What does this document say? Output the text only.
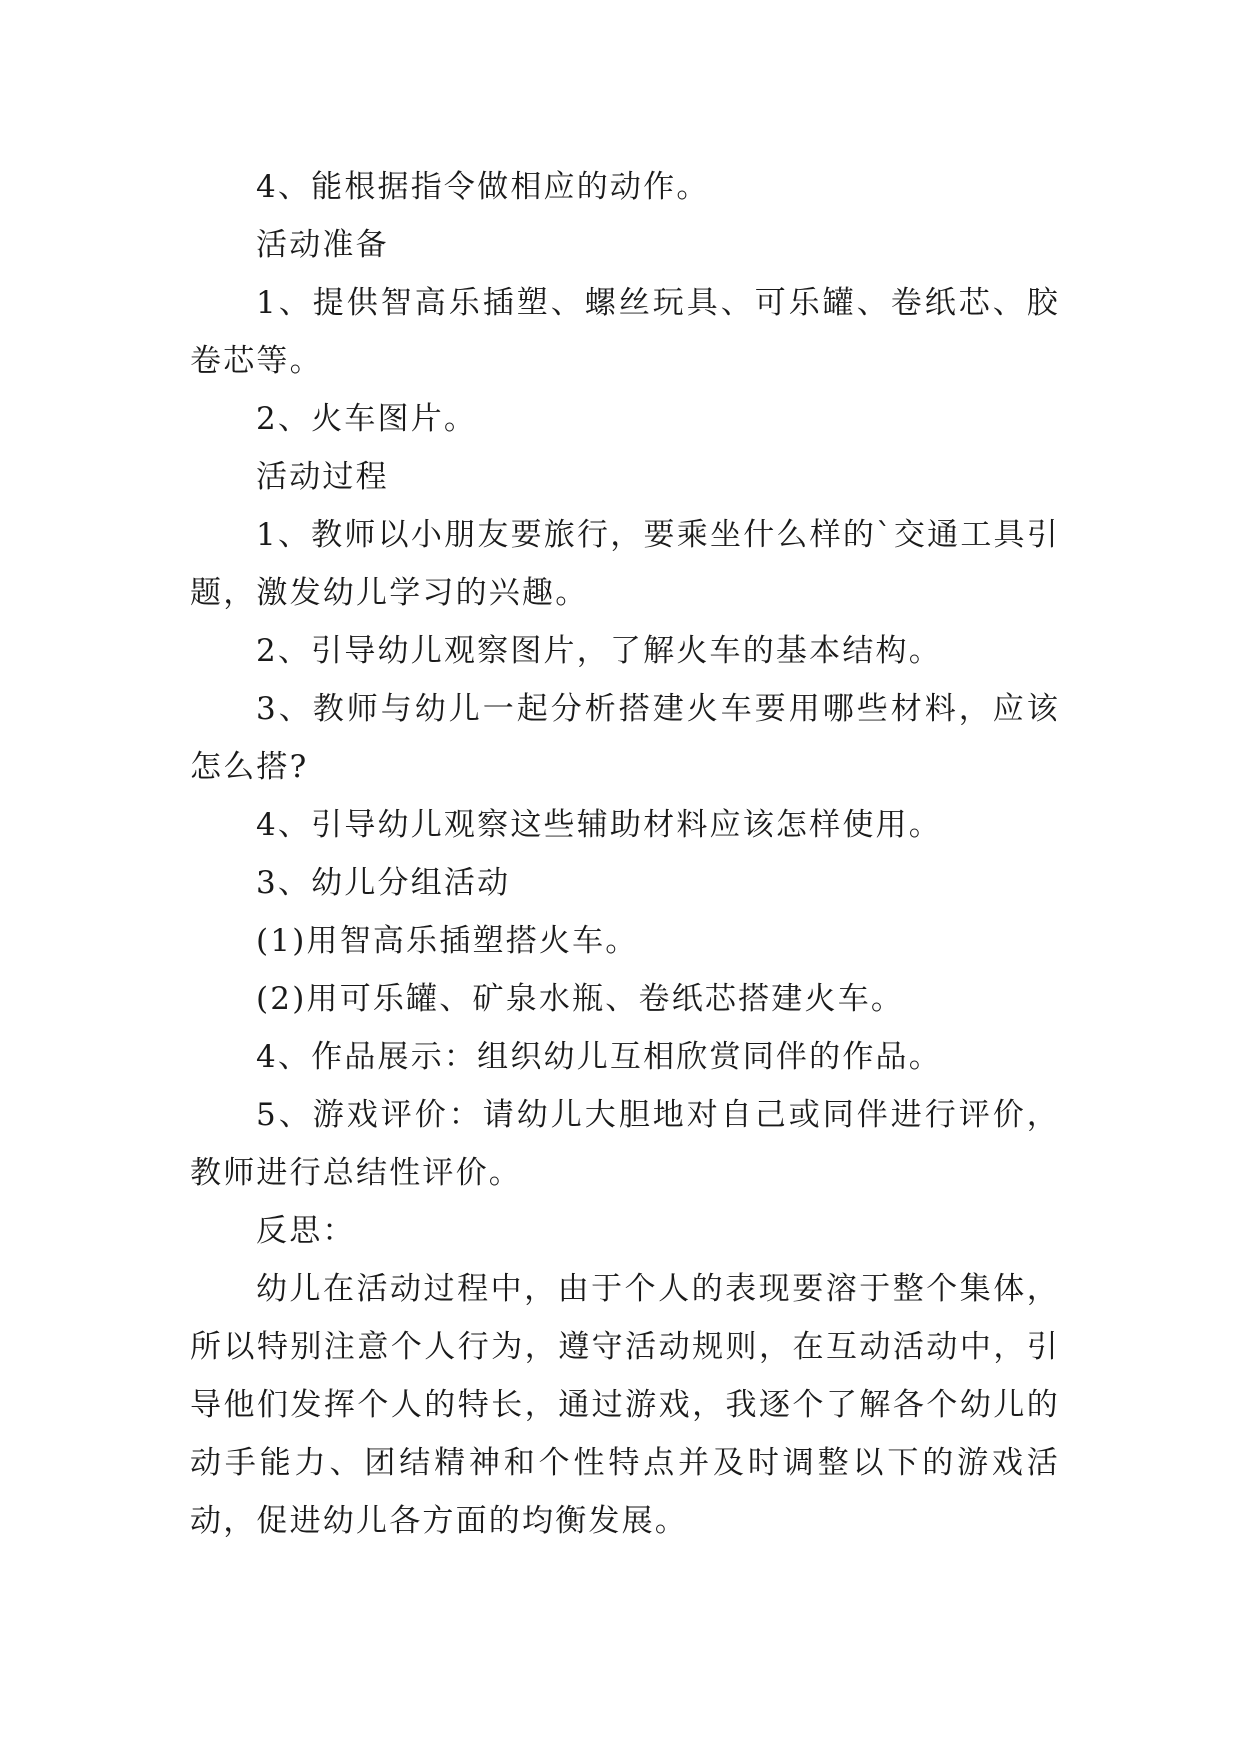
4、能根据指令做相应的动作。

活动准备

1、提供智高乐插塑、螺丝玩具、可乐罐、卷纸芯、胶卷芯等。

2、火车图片。

活动过程

1、教师以小朋友要旅行，要乘坐什么样的`交通工具引题，激发幼儿学习的兴趣。

2、引导幼儿观察图片，了解火车的基本结构。

3、教师与幼儿一起分析搭建火车要用哪些材料，应该怎么搭?

4、引导幼儿观察这些辅助材料应该怎样使用。

3、幼儿分组活动

(1)用智高乐插塑搭火车。

(2)用可乐罐、矿泉水瓶、卷纸芯搭建火车。

4、作品展示：组织幼儿互相欣赏同伴的作品。

5、游戏评价：请幼儿大胆地对自己或同伴进行评价，教师进行总结性评价。

反思：

幼儿在活动过程中，由于个人的表现要溶于整个集体，所以特别注意个人行为，遵守活动规则，在互动活动中，引导他们发挥个人的特长，通过游戏，我逐个了解各个幼儿的动手能力、团结精神和个性特点并及时调整以下的游戏活动，促进幼儿各方面的均衡发展。
